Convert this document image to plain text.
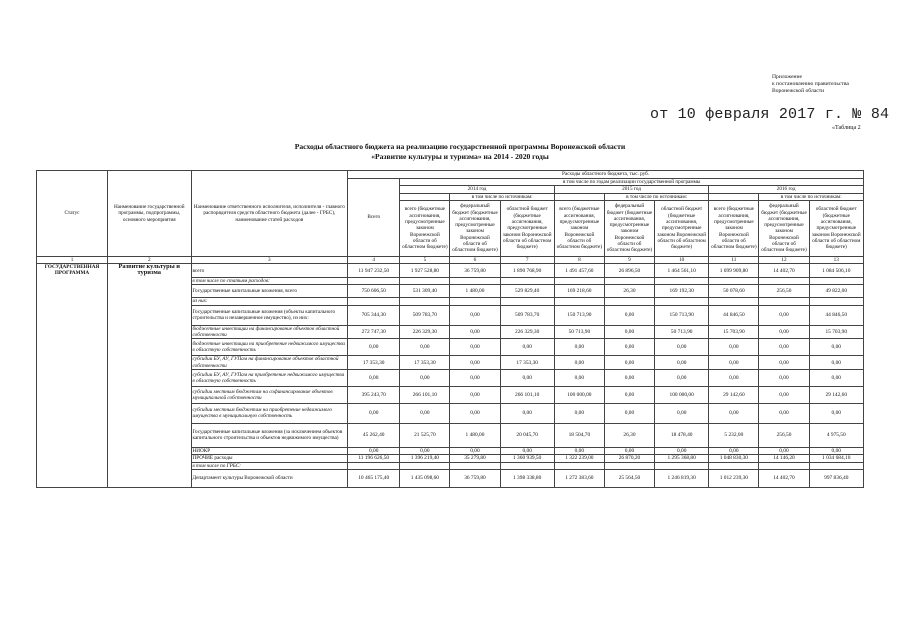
Приложение
к постановлению правительства
Воронежской области
от 10 февраля 2017 г. № 84
«Таблица 2
Расходы областного бюджета на реализацию государственной программы Воронежской области
«Развитие культуры и туризма» на 2014 - 2020 годы
Статус	Наименование государственной программы, подпрограммы, основного мероприятия	Наименование ответственного исполнителя, исполнителя - главного распорядителя средств областного бюджета (далее - ГРБС), наименование статей расходов	Расходы областного бюджета, тыс. руб.									
			Всего	в том числе по годам реализации государственной программы								
				2014 год			2015 год			2016 год		
					в том числе по источникам:			в том числе по источникам:			в том числе по источникам:	
				всего (бюджетные ассигнования, предусмотренные законом Воронежской области об областном бюджете)	федеральный бюджет (бюджетные ассигнования, предусмотренные законом Воронежской области об областном бюджете)	областной бюджет (бюджетные ассигнования, предусмотренные законом Воронежской области об областном бюджете)	всего (бюджетные ассигнования, предусмотренные законом Воронежской области об областном бюджете)	федеральный бюджет (бюджетные ассигнования, предусмотренные законом Воронежской области об областном бюджете)	областной бюджет (бюджетные ассигнования, предусмотренные законом Воронежской области об областном бюджете)	всего (бюджетные ассигнования, предусмотренные законом Воронежской области об областном бюджете)	федеральный бюджет (бюджетные ассигнования, предусмотренные законом Воронежской области об областном бюджете)	областной бюджет (бюджетные ассигнования, предусмотренные законом Воронежской области об областном бюджете)
1	2	3	4	5	6	7	8	9	10	11	12	13
ГОСУДАРСТВЕННАЯ ПРОГРАММА	Развитие культуры и туризма	всего	11 947 232,50	1 927 528,80	36 759,80	1 890 768,90	1 491 457,60	26 896,50	1 464 561,10	1 099 909,80	14 402,70	1 084 506,10
		в том числе по статьям расходов:										
		Государственные капитальные вложения, всего	750 606,50	531 309,40	1 480,00	529 829,40	169 218,60	26,30	169 192,30	50 078,60	256,50	49 822,00
		из них:										
		Государственные капитальные вложения (объекты капитального строительства и незавершенное имущество), из них:	705 344,30	509 783,70	0,00	509 783,70	150 713,90	0,00	150 713,90	44 846,50	0,00	44 846,50
		бюджетные инвестиции на финансирование объектов областной собственности	272 747,30	226 329,30	0,00	226 329,30	50 713,90	0,00	50 713,90	15 703,90	0,00	15 703,90
		бюджетные инвестиции на приобретение недвижимого имущества в областную собственность	0,00	0,00	0,00	0,00	0,00	0,00	0,00	0,00	0,00	0,00
		субсидии БУ, АУ, ГУПам на финансирование объектов областной собственности	17 353,30	17 353,30	0,00	17 353,30	0,00	0,00	0,00	0,00	0,00	0,00
		субсидии БУ, АУ, ГУПам на приобретение недвижимого имущества в областную собственность	0,00	0,00	0,00	0,00	0,00	0,00	0,00	0,00	0,00	0,00
		субсидии местным бюджетам на софинансирование объектов муниципальной собственности	395 243,70	266 101,10	0,00	266 101,10	100 000,00	0,00	100 000,00	29 142,60	0,00	29 142,60
		субсидии местным бюджетам на приобретение недвижимого имущества в муниципальную собственность	0,00	0,00	0,00	0,00	0,00	0,00	0,00	0,00	0,00	0,00
		Государственные капитальные вложения (за исключением объектов капитального строительства и объектов недвижимого имущества)	45 262,40	21 525,70	1 480,00	20 045,70	18 504,70	26,30	18 478,40	5 232,00	256,50	4 975,50
		НИОКР	0,00	0,00	0,00	0,00	0,00	0,00	0,00	0,00	0,00	0,00
		ПРОЧИЕ расходы	11 196 626,50	1 396 219,40	35 279,80	1 360 939,50	1 322 239,00	26 870,20	1 295 368,80	1 048 830,30	14 146,20	1 034 684,10
		в том числе по ГРБС:										
		Департамент культуры Воронежской области	10 465 175,40	1 435 098,60	36 759,80	1 398 338,80	1 272 383,60	25 564,50	1 246 819,30	1 012 239,30	14 402,70	997 836,40
